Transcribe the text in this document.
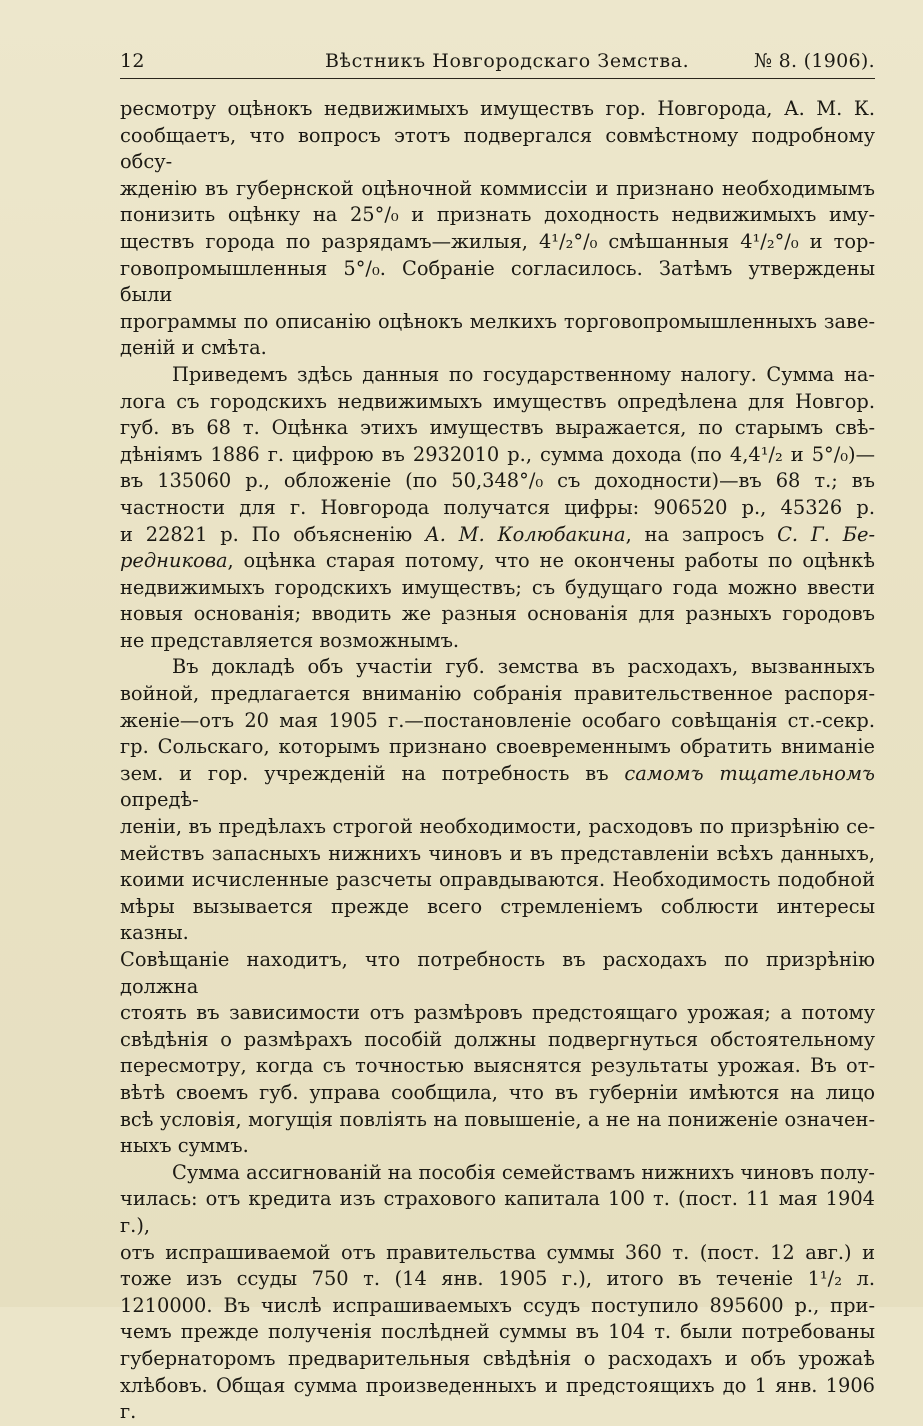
12	Вѣстникъ Новгородскаго Земства.	№ 8. (1906).

ресмотру оцѣнокъ недвижимыхъ имуществъ гор. Новгорода, А. М. К.

сообщаетъ, что вопросъ этотъ подвергался совмѣстному подробному обсу-

жденію въ губернской оцѣночной коммиссіи и признано необходимымъ

понизить оцѣнку на 25°/₀ и признать доходность недвижимыхъ иму-

ществъ города по разрядамъ—жилыя, 4¹/₂°/₀ смѣшанныя 4¹/₂°/₀ и тор-

говопромышленныя 5°/₀. Собраніе согласилось. Затѣмъ утверждены были

программы по описанію оцѣнокъ мелкихъ торговопромышленныхъ заве-

деній и смѣта.

Приведемъ здѣсь данныя по государственному налогу. Сумма на-

лога съ городскихъ недвижимыхъ имуществъ опредѣлена для Новгор.

губ. въ 68 т. Оцѣнка этихъ имуществъ выражается, по старымъ свѣ-

дѣніямъ 1886 г. цифрою въ 2932010 р., сумма дохода (по 4,4¹/₂ и 5°/₀)—

въ 135060 р., обложеніе (по 50,348°/₀ съ доходности)—въ 68 т.; въ

частности для г. Новгорода получатся цифры: 906520 р., 45326 р.

и 22821 р. По объясненію А. М. Колюбакина, на запросъ С. Г. Бе-

редникова, оцѣнка старая потому, что не окончены работы по оцѣнкѣ

недвижимыхъ городскихъ имуществъ; съ будущаго года можно ввести

новыя основанія; вводить же разныя основанія для разныхъ городовъ

не представляется возможнымъ.

Въ докладѣ объ участіи губ. земства въ расходахъ, вызванныхъ

войной, предлагается вниманію собранія правительственное распоря-

женіе—отъ 20 мая 1905 г.—постановленіе особаго совѣщанія ст.-секр.

гр. Сольскаго, которымъ признано своевременнымъ обратить вниманіе

зем. и гор. учрежденій на потребность въ самомъ тщательномъ опредѣ-

леніи, въ предѣлахъ строгой необходимости, расходовъ по призрѣнію се-

мействъ запасныхъ нижнихъ чиновъ и въ представленіи всѣхъ данныхъ,

коими исчисленные разсчеты оправдываются. Необходимость подобной

мѣры вызывается прежде всего стремленіемъ соблюсти интересы казны.

Совѣщаніе находитъ, что потребность въ расходахъ по призрѣнію должна

стоять въ зависимости отъ размѣровъ предстоящаго урожая; а потому

свѣдѣнія о размѣрахъ пособій должны подвергнуться обстоятельному

пересмотру, когда съ точностью выяснятся результаты урожая. Въ от-

вѣтѣ своемъ губ. управа сообщила, что въ губерніи имѣются на лицо

всѣ условія, могущія повліять на повышеніе, а не на пониженіе означен-

ныхъ суммъ.

Сумма ассигнованій на пособія семействамъ нижнихъ чиновъ полу-

чилась: отъ кредита изъ страхового капитала 100 т. (пост. 11 мая 1904 г.),

отъ испрашиваемой отъ правительства суммы 360 т. (пост. 12 авг.) и

тоже изъ ссуды 750 т. (14 янв. 1905 г.), итого въ теченіе 1¹/₂ л.

1210000. Въ числѣ испрашиваемыхъ ссудъ поступило 895600 р., при-

чемъ прежде полученія послѣдней суммы въ 104 т. были потребованы

губернаторомъ предварительныя свѣдѣнія о расходахъ и объ урожаѣ

хлѣбовъ. Общая сумма произведенныхъ и предстоящихъ до 1 янв. 1906 г.
